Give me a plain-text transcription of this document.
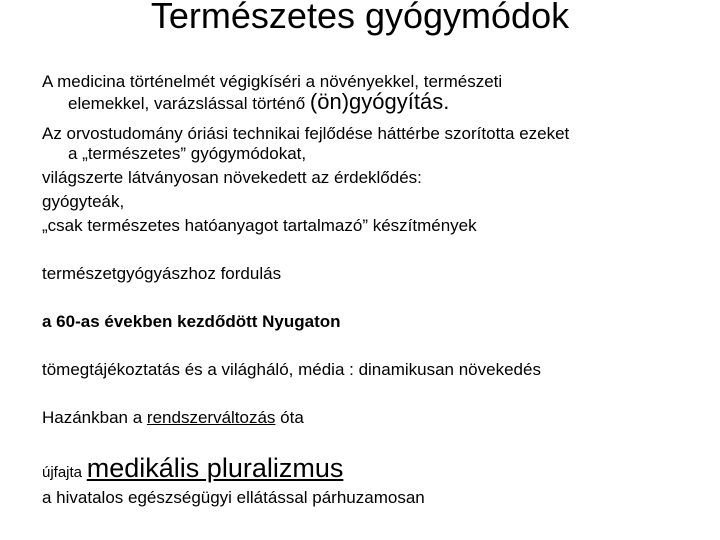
Természetes gyógymódok
A medicina történelmét végigkíséri a növényekkel, természeti
elemekkel, varázslással történő (ön)gyógyítás.
Az orvostudomány óriási technikai fejlődése háttérbe szorította ezeket
a „természetes” gyógymódokat,
világszerte látványosan növekedett az érdeklődés:
gyógyteák,
„csak természetes hatóanyagot tartalmazó” készítmények
természetgyógyászhoz fordulás
a 60-as években kezdődött Nyugaton
tömegtájékoztatás és a világháló, média : dinamikusan növekedés
Hazánkban a rendszerváltozás óta
újfajta medikális pluralizmus
a hivatalos egészségügyi ellátással párhuzamosan
